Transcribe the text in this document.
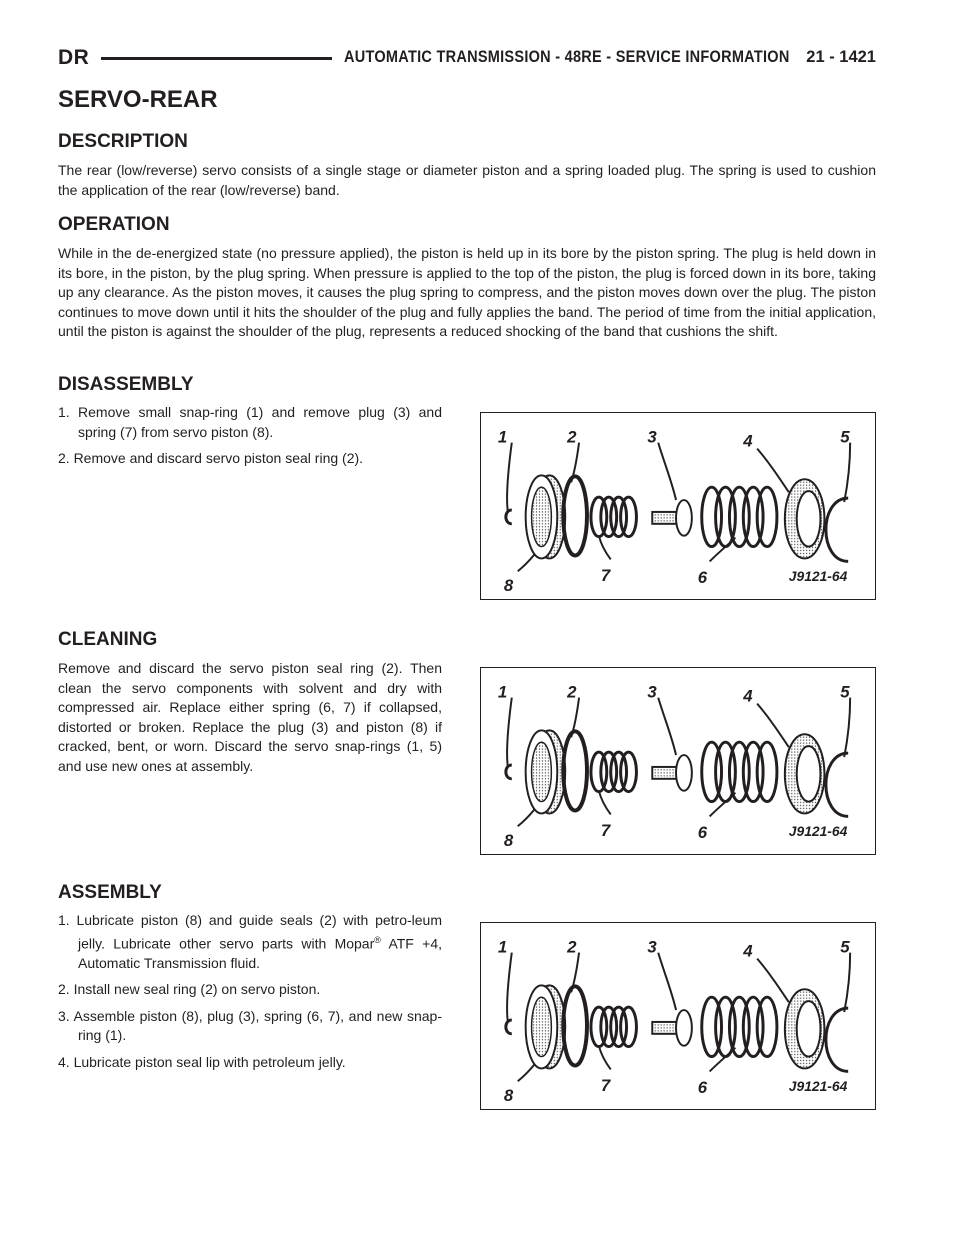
DR	AUTOMATIC TRANSMISSION - 48RE - SERVICE INFORMATION 21 - 1421
SERVO-REAR
DESCRIPTION

The rear (low/reverse) servo consists of a single stage or diameter piston and a spring loaded plug. The spring is used to cushion the application of the rear (low/reverse) band.

OPERATION

While in the de-energized state (no pressure applied), the piston is held up in its bore by the piston spring. The plug is held down in its bore, in the piston, by the plug spring. When pressure is applied to the top of the piston, the plug is forced down in its bore, taking up any clearance. As the piston moves, it causes the plug spring to compress, and the piston moves down over the plug. The piston continues to move down until it hits the shoulder of the plug and fully applies the band. The period of time from the initial application, until the piston is against the shoulder of the plug, represents a reduced shocking of the band that cushions the shift.

DISASSEMBLY
1. Remove small snap-ring (1) and remove plug (3) and spring (7) from servo piston (8).
2. Remove and discard servo piston seal ring (2).
1	2	3	4	5
6
7
8	J9121-64
CLEANING

Remove and discard the servo piston seal ring (2). Then clean the servo components with solvent and dry with compressed air. Replace either spring (6, 7) if collapsed, distorted or broken. Replace the plug (3) and piston (8) if cracked, bent, or worn. Discard the servo snap-rings (1, 5) and use new ones at assembly.

1	2	3	4	5
6
7
8	J9121-64
ASSEMBLY
1. Lubricate piston (8) and guide seals (2) with petro-leum jelly. Lubricate other servo parts with Mopar® ATF +4, Automatic Transmission fluid.
2. Install new seal ring (2) on servo piston.
3. Assemble piston (8), plug (3), spring (6, 7), and new snap-ring (1).
4. Lubricate piston seal lip with petroleum jelly.
1	2	3	4	5
6
7
8	J9121-64
